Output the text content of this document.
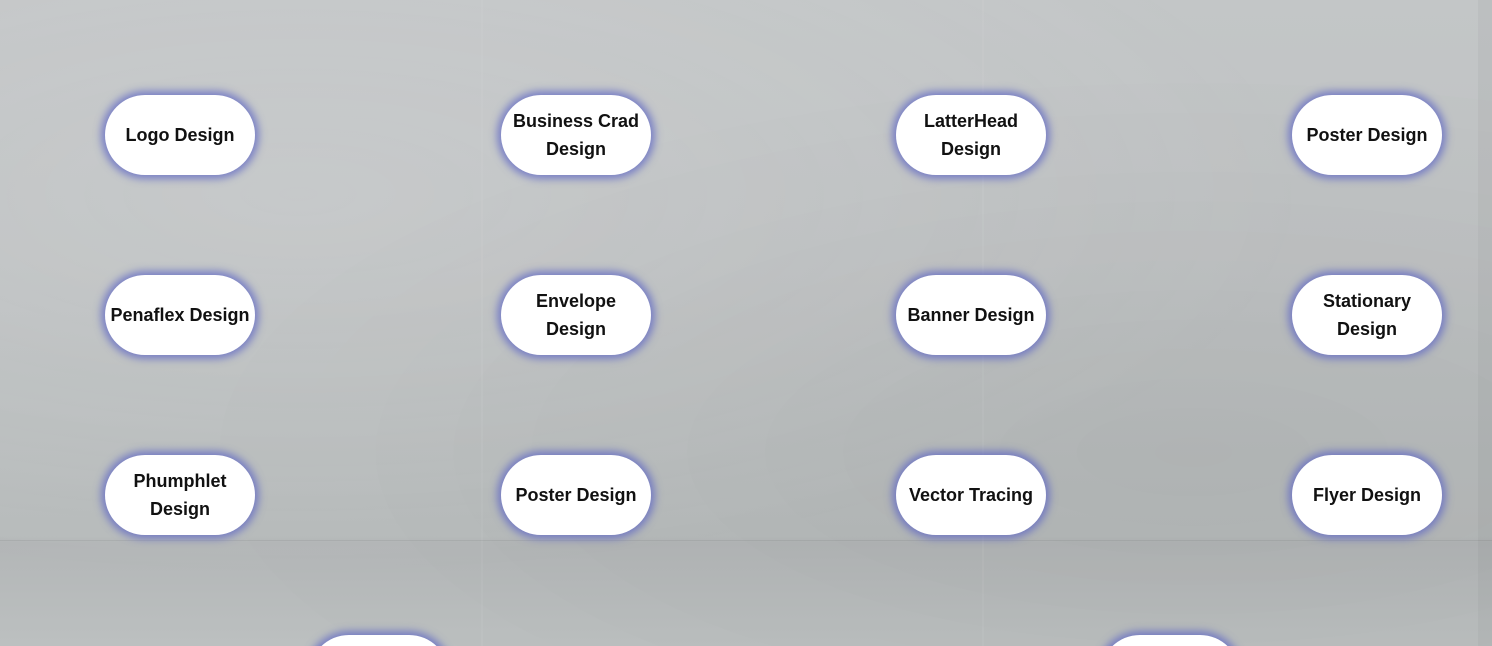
Logo Design
Business Crad Design
LatterHead Design
Poster Design
Penaflex Design
Envelope Design
Banner Design
Stationary Design
Phumphlet Design
Poster Design	Vector Tracing	Flyer Design
